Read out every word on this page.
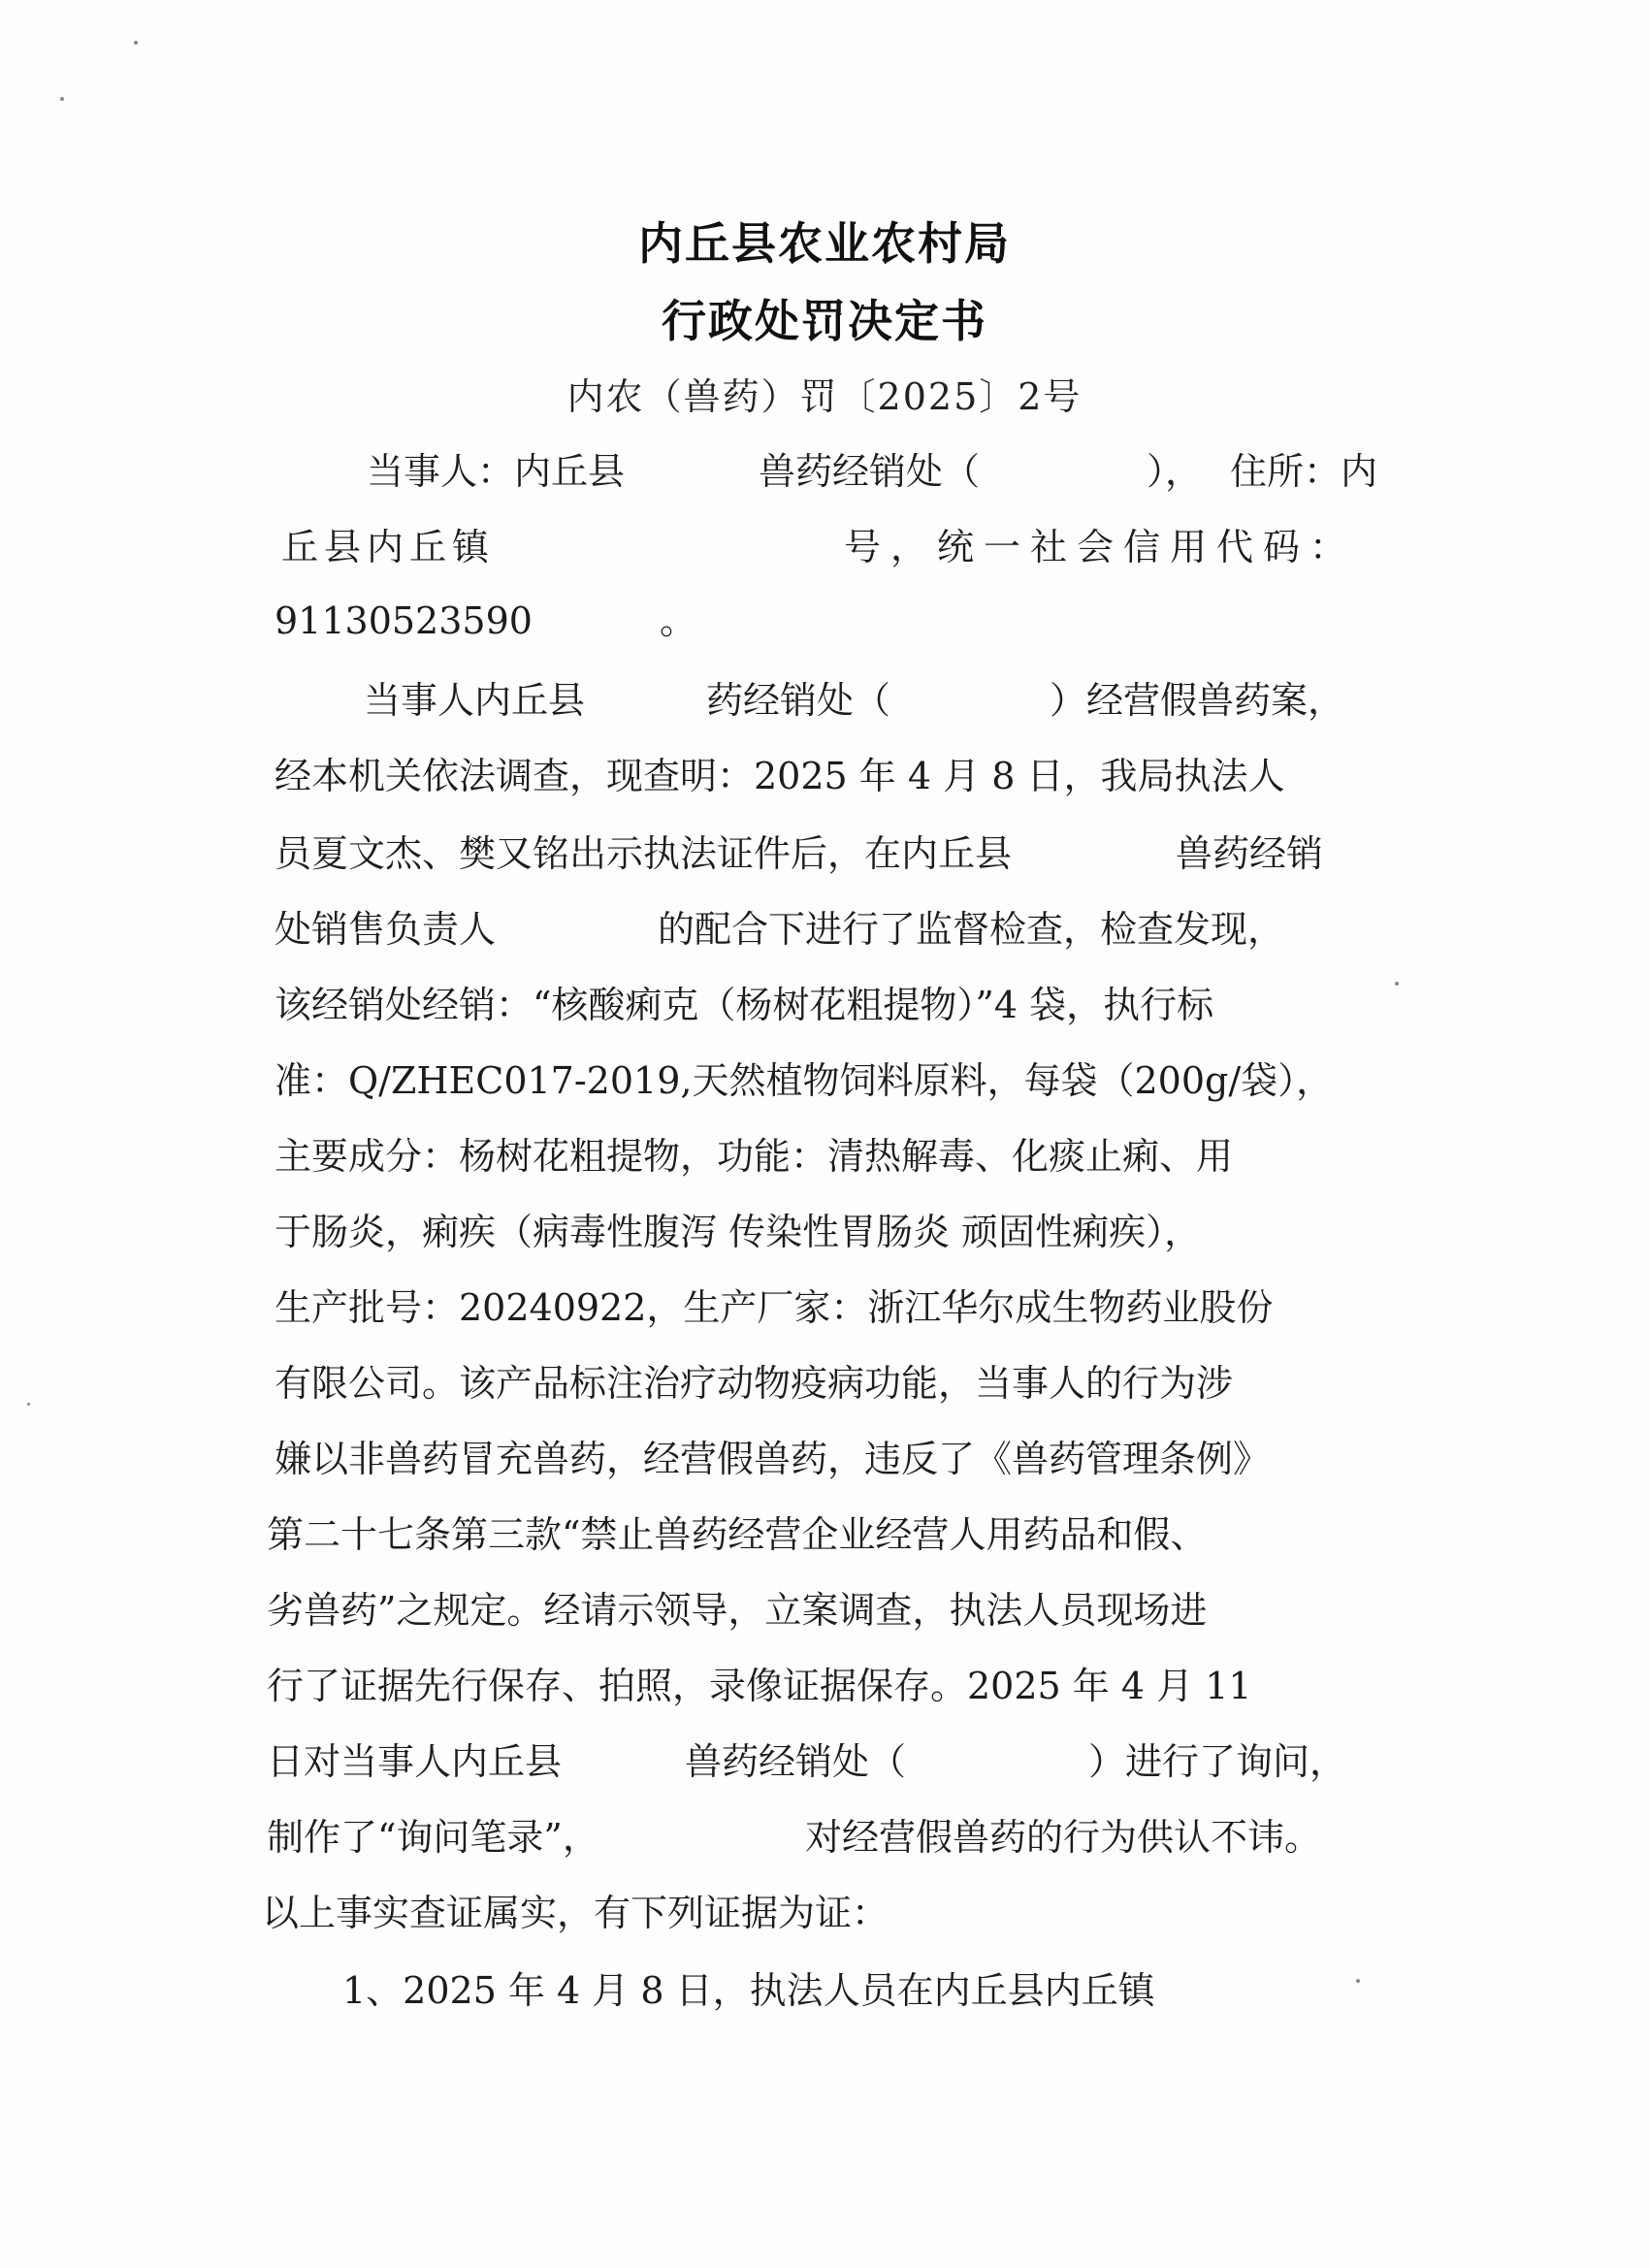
内丘县农业农村局
行政处罚决定书
内农（兽药）罚〔2025〕2号
当事人：内丘县	兽药经销处（	）， 住所：内
丘县内丘镇	号，统一社会信用代码：
91130523590	。
当事人内丘县	药经销处（	）经营假兽药案，
经本机关依法调查，现查明：2025 年 4 月 8 日，我局执法人
员夏文杰、樊又铭出示执法证件后，在内丘县	兽药经销
处销售负责人	的配合下进行了监督检查，检查发现，
该经销处经销：“核酸痢克（杨树花粗提物）”4 袋，执行标
准：Q/ZHEC017-2019,天然植物饲料原料，每袋（200g/袋），
主要成分：杨树花粗提物，功能：清热解毒、化痰止痢、用
于肠炎，痢疾（病毒性腹泻 传染性胃肠炎 顽固性痢疾），
生产批号：20240922，生产厂家：浙江华尔成生物药业股份
有限公司。该产品标注治疗动物疫病功能，当事人的行为涉
嫌以非兽药冒充兽药，经营假兽药，违反了《兽药管理条例》
第二十七条第三款“禁止兽药经营企业经营人用药品和假、
劣兽药”之规定。经请示领导，立案调查，执法人员现场进
行了证据先行保存、拍照，录像证据保存。2025 年 4 月 11
日对当事人内丘县	兽药经销处（	）进行了询问，
制作了“询问笔录”，	对经营假兽药的行为供认不讳。
以上事实查证属实，有下列证据为证：
1、2025 年 4 月 8 日，执法人员在内丘县内丘镇
